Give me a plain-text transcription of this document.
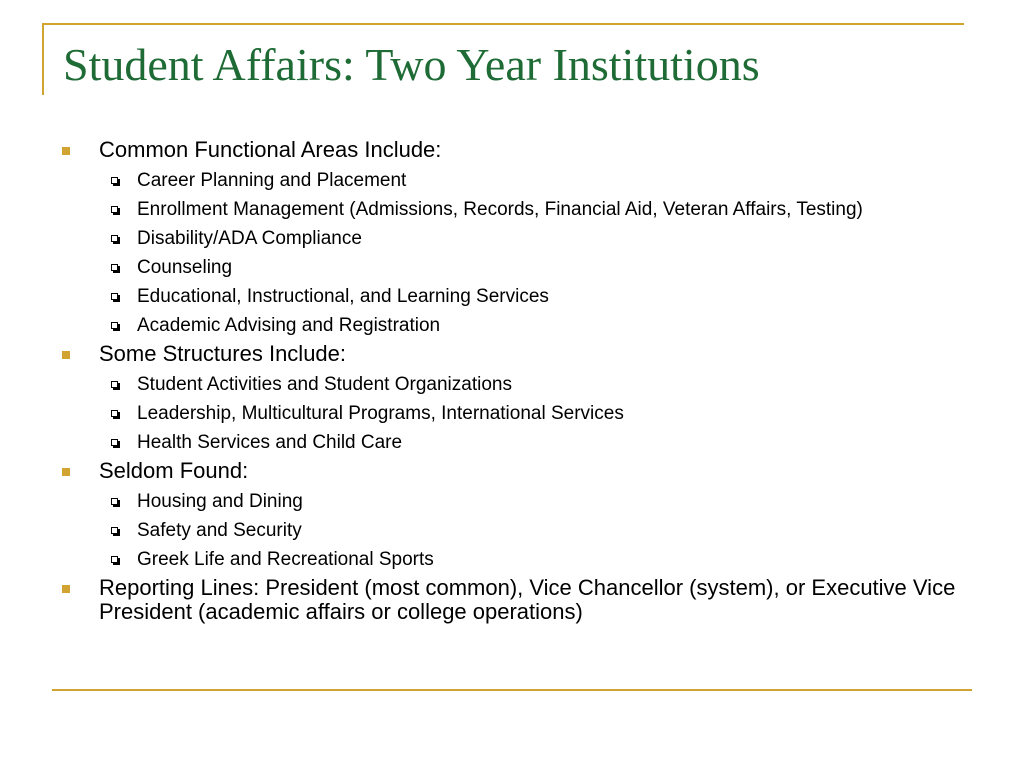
Student Affairs: Two Year Institutions
Common Functional Areas Include:
Career Planning and Placement
Enrollment Management (Admissions, Records, Financial Aid, Veteran Affairs, Testing)
Disability/ADA Compliance
Counseling
Educational, Instructional, and Learning Services
Academic Advising and Registration
Some Structures Include:
Student Activities and Student Organizations
Leadership, Multicultural Programs, International Services
Health Services and Child Care
Seldom Found:
Housing and Dining
Safety and Security
Greek Life and Recreational Sports
Reporting Lines: President (most common), Vice Chancellor (system), or Executive Vice President (academic affairs or college operations)
